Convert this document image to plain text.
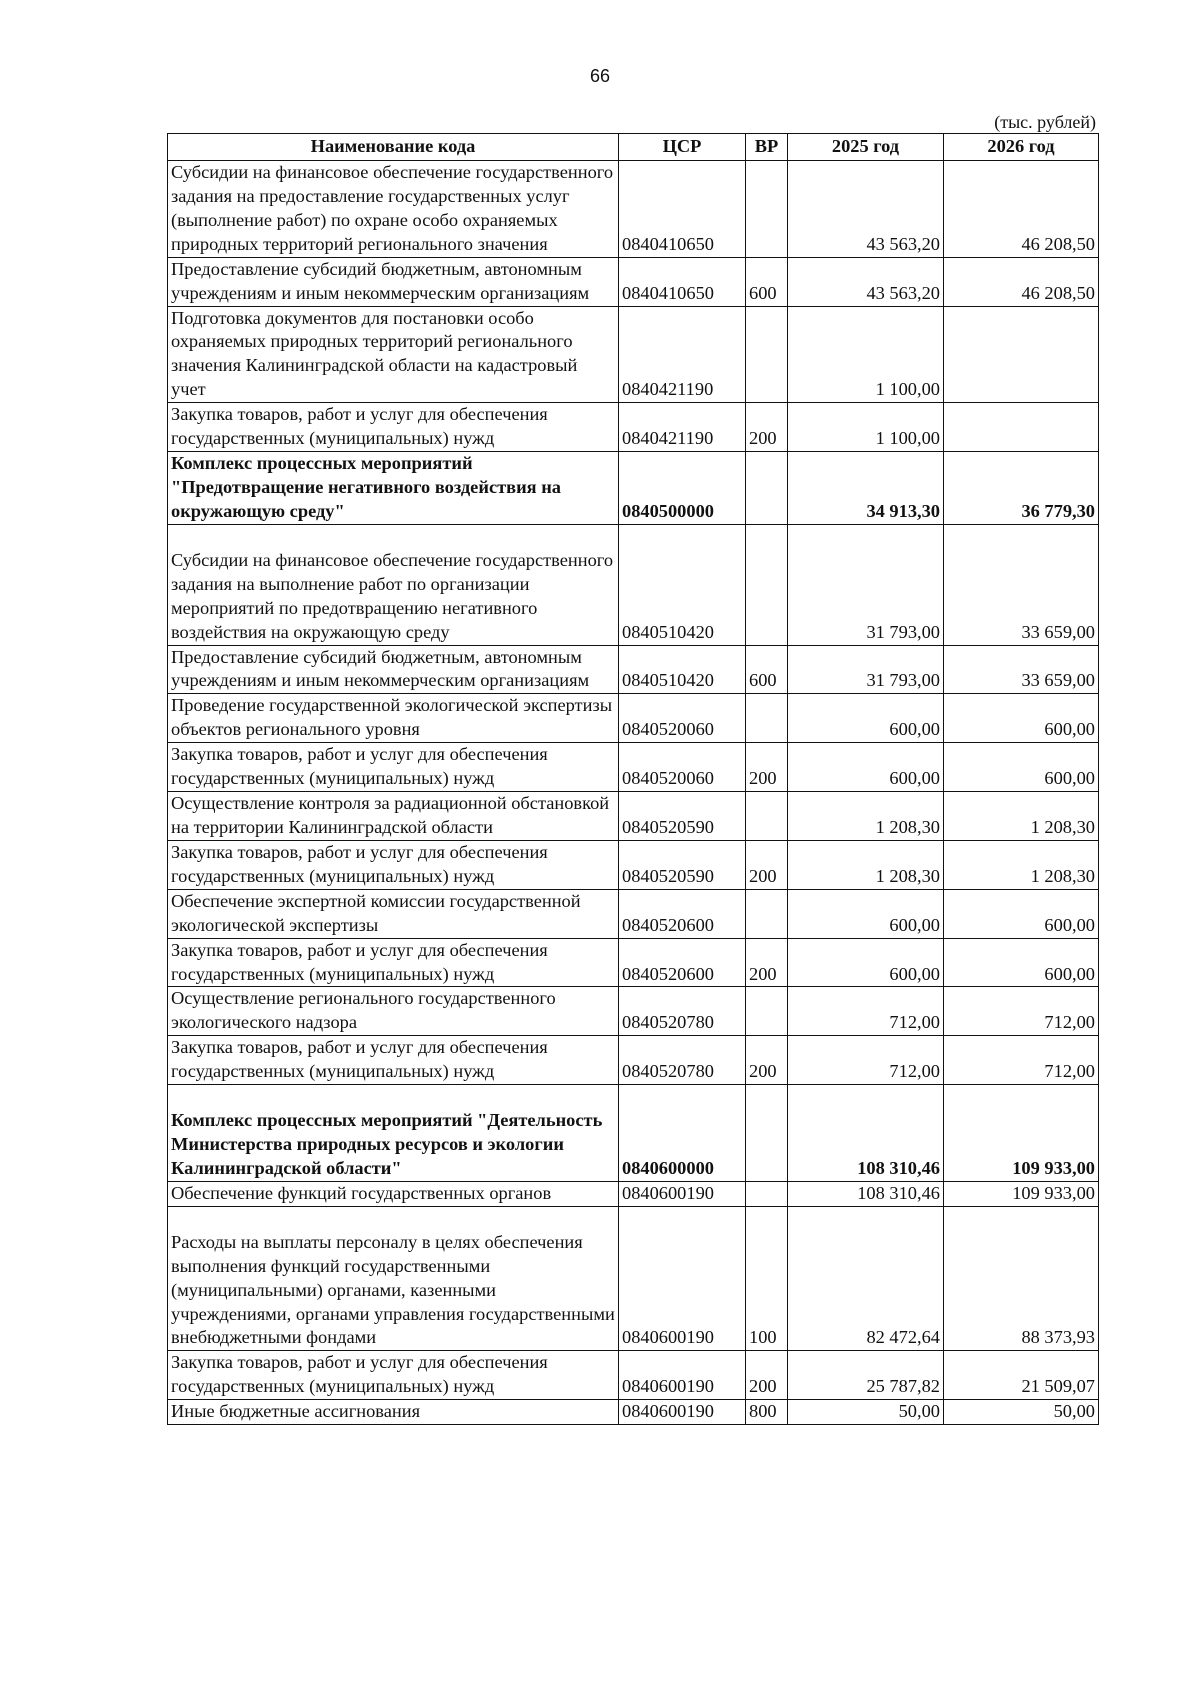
66
(тыс. рублей)
Наименование кода	ЦСР	ВР	2025 год	2026 год
Субсидии на финансовое обеспечение государственного задания на предоставление государственных услуг (выполнение работ) по охране особо охраняемых природных территорий регионального значения	0840410650		43 563,20	46 208,50
Предоставление субсидий бюджетным, автономным учреждениям и иным некоммерческим организациям	0840410650	600	43 563,20	46 208,50
Подготовка документов для постановки особо охраняемых природных территорий регионального значения Калининградской области на кадастровый учет	0840421190		1 100,00	
Закупка товаров, работ и услуг для обеспечения государственных (муниципальных) нужд	0840421190	200	1 100,00	
Комплекс процессных мероприятий "Предотвращение негативного воздействия на окружающую среду"	0840500000		34 913,30	36 779,30
Субсидии на финансовое обеспечение государственного задания на выполнение работ по организации мероприятий по предотвращению негативного воздействия на окружающую среду	0840510420		31 793,00	33 659,00
Предоставление субсидий бюджетным, автономным учреждениям и иным некоммерческим организациям	0840510420	600	31 793,00	33 659,00
Проведение государственной экологической экспертизы объектов регионального уровня	0840520060		600,00	600,00
Закупка товаров, работ и услуг для обеспечения государственных (муниципальных) нужд	0840520060	200	600,00	600,00
Осуществление контроля за радиационной обстановкой на территории Калининградской области	0840520590		1 208,30	1 208,30
Закупка товаров, работ и услуг для обеспечения государственных (муниципальных) нужд	0840520590	200	1 208,30	1 208,30
Обеспечение экспертной комиссии государственной экологической экспертизы	0840520600		600,00	600,00
Закупка товаров, работ и услуг для обеспечения государственных (муниципальных) нужд	0840520600	200	600,00	600,00
Осуществление регионального государственного экологического надзора	0840520780		712,00	712,00
Закупка товаров, работ и услуг для обеспечения государственных (муниципальных) нужд	0840520780	200	712,00	712,00
Комплекс процессных мероприятий "Деятельность Министерства природных ресурсов и экологии Калининградской области"	0840600000		108 310,46	109 933,00
Обеспечение функций государственных органов	0840600190		108 310,46	109 933,00
Расходы на выплаты персоналу в целях обеспечения выполнения функций государственными (муниципальными) органами, казенными учреждениями, органами управления государственными внебюджетными фондами	0840600190	100	82 472,64	88 373,93
Закупка товаров, работ и услуг для обеспечения государственных (муниципальных) нужд	0840600190	200	25 787,82	21 509,07
Иные бюджетные ассигнования	0840600190	800	50,00	50,00
